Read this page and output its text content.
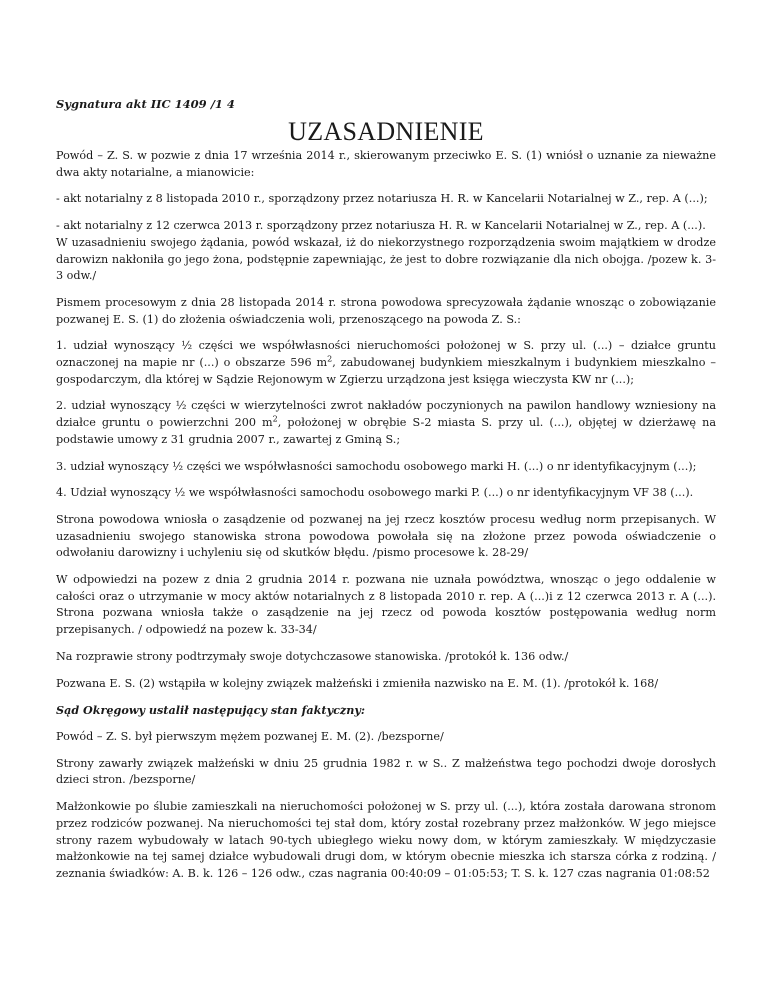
Sygnatura akt IIC 1409 /1 4
UZASADNIENIE

Powód – Z. S. w pozwie z dnia 17 września 2014 r., skierowanym przeciwko E. S. (1) wniósł o uznanie za nieważne dwa akty notarialne, a mianowicie:

- akt notarialny z 8 listopada 2010 r., sporządzony przez notariusza H. R. w Kancelarii Notarialnej w Z., rep. A (...);

- akt notarialny z 12 czerwca 2013 r. sporządzony przez notariusza H. R. w Kancelarii Notarialnej w Z., rep. A (...).

W uzasadnieniu swojego żądania, powód wskazał, iż do niekorzystnego rozporządzenia swoim majątkiem w drodze darowizn nakłoniła go jego żona, podstępnie zapewniając, że jest to dobre rozwiązanie dla nich obojga. /pozew k. 3-3 odw./

Pismem procesowym z dnia 28 listopada 2014 r. strona powodowa sprecyzowała żądanie wnosząc o zobowiązanie pozwanej E. S. (1) do złożenia oświadczenia woli, przenoszącego na powoda Z. S.:

1. udział wynoszący ½ części we współwłasności nieruchomości położonej w S. przy ul. (...) – działce gruntu oznaczonej na mapie nr (...) o obszarze 596 $m^2$, zabudowanej budynkiem mieszkalnym i budynkiem mieszkalno – gospodarczym, dla której w Sądzie Rejonowym w Zgierzu urządzona jest księga wieczysta KW nr (...);

2. udział wynoszący ½ części w wierzytelności zwrot nakładów poczynionych na pawilon handlowy wzniesiony na działce gruntu o powierzchni 200 $m^2$, położonej w obrębie S-2 miasta S. przy ul. (...), objętej w dzierżawę na podstawie umowy z 31 grudnia 2007 r., zawartej z Gminą S.;

3. udział wynoszący ½ części we współwłasności samochodu osobowego marki H. (...) o nr identyfikacyjnym (...);

4. Udział wynoszący ½ we współwłasności samochodu osobowego marki P. (...) o nr identyfikacyjnym VF 38 (...).

Strona powodowa wniosła o zasądzenie od pozwanej na jej rzecz kosztów procesu według norm przepisanych. W uzasadnieniu swojego stanowiska strona powodowa powołała się na złożone przez powoda oświadczenie o odwołaniu darowizny i uchyleniu się od skutków błędu. /pismo procesowe k. 28-29/

W odpowiedzi na pozew z dnia 2 grudnia 2014 r. pozwana nie uznała powództwa, wnosząc o jego oddalenie w całości oraz o utrzymanie w mocy aktów notarialnych z 8 listopada 2010 r. rep. A (...)i z 12 czerwca 2013 r. A (...). Strona pozwana wniosła także o zasądzenie na jej rzecz od powoda kosztów postępowania według norm przepisanych. / odpowiedź na pozew k. 33-34/

Na rozprawie strony podtrzymały swoje dotychczasowe stanowiska. /protokół k. 136 odw./

Pozwana E. S. (2) wstąpiła w kolejny związek małżeński i zmieniła nazwisko na E. M. (1). /protokół k. 168/

Sąd Okręgowy ustalił następujący stan faktyczny:

Powód – Z. S. był pierwszym mężem pozwanej E. M. (2). /bezsporne/

Strony zawarły związek małżeński w dniu 25 grudnia 1982 r. w S.. Z małżeństwa tego pochodzi dwoje dorosłych dzieci stron. /bezsporne/

Małżonkowie po ślubie zamieszkali na nieruchomości położonej w S. przy ul. (...), która została darowana stronom przez rodziców pozwanej. Na nieruchomości tej stał dom, który został rozebrany przez małżonków. W jego miejsce strony razem wybudowały w latach 90-tych ubiegłego wieku nowy dom, w którym zamieszkały. W międzyczasie małżonkowie na tej samej działce wybudowali drugi dom, w którym obecnie mieszka ich starsza córka z rodziną. / zeznania świadków: A. B. k. 126 – 126 odw., czas nagrania 00:40:09 – 01:05:53; T. S. k. 127 czas nagrania 01:08:52
